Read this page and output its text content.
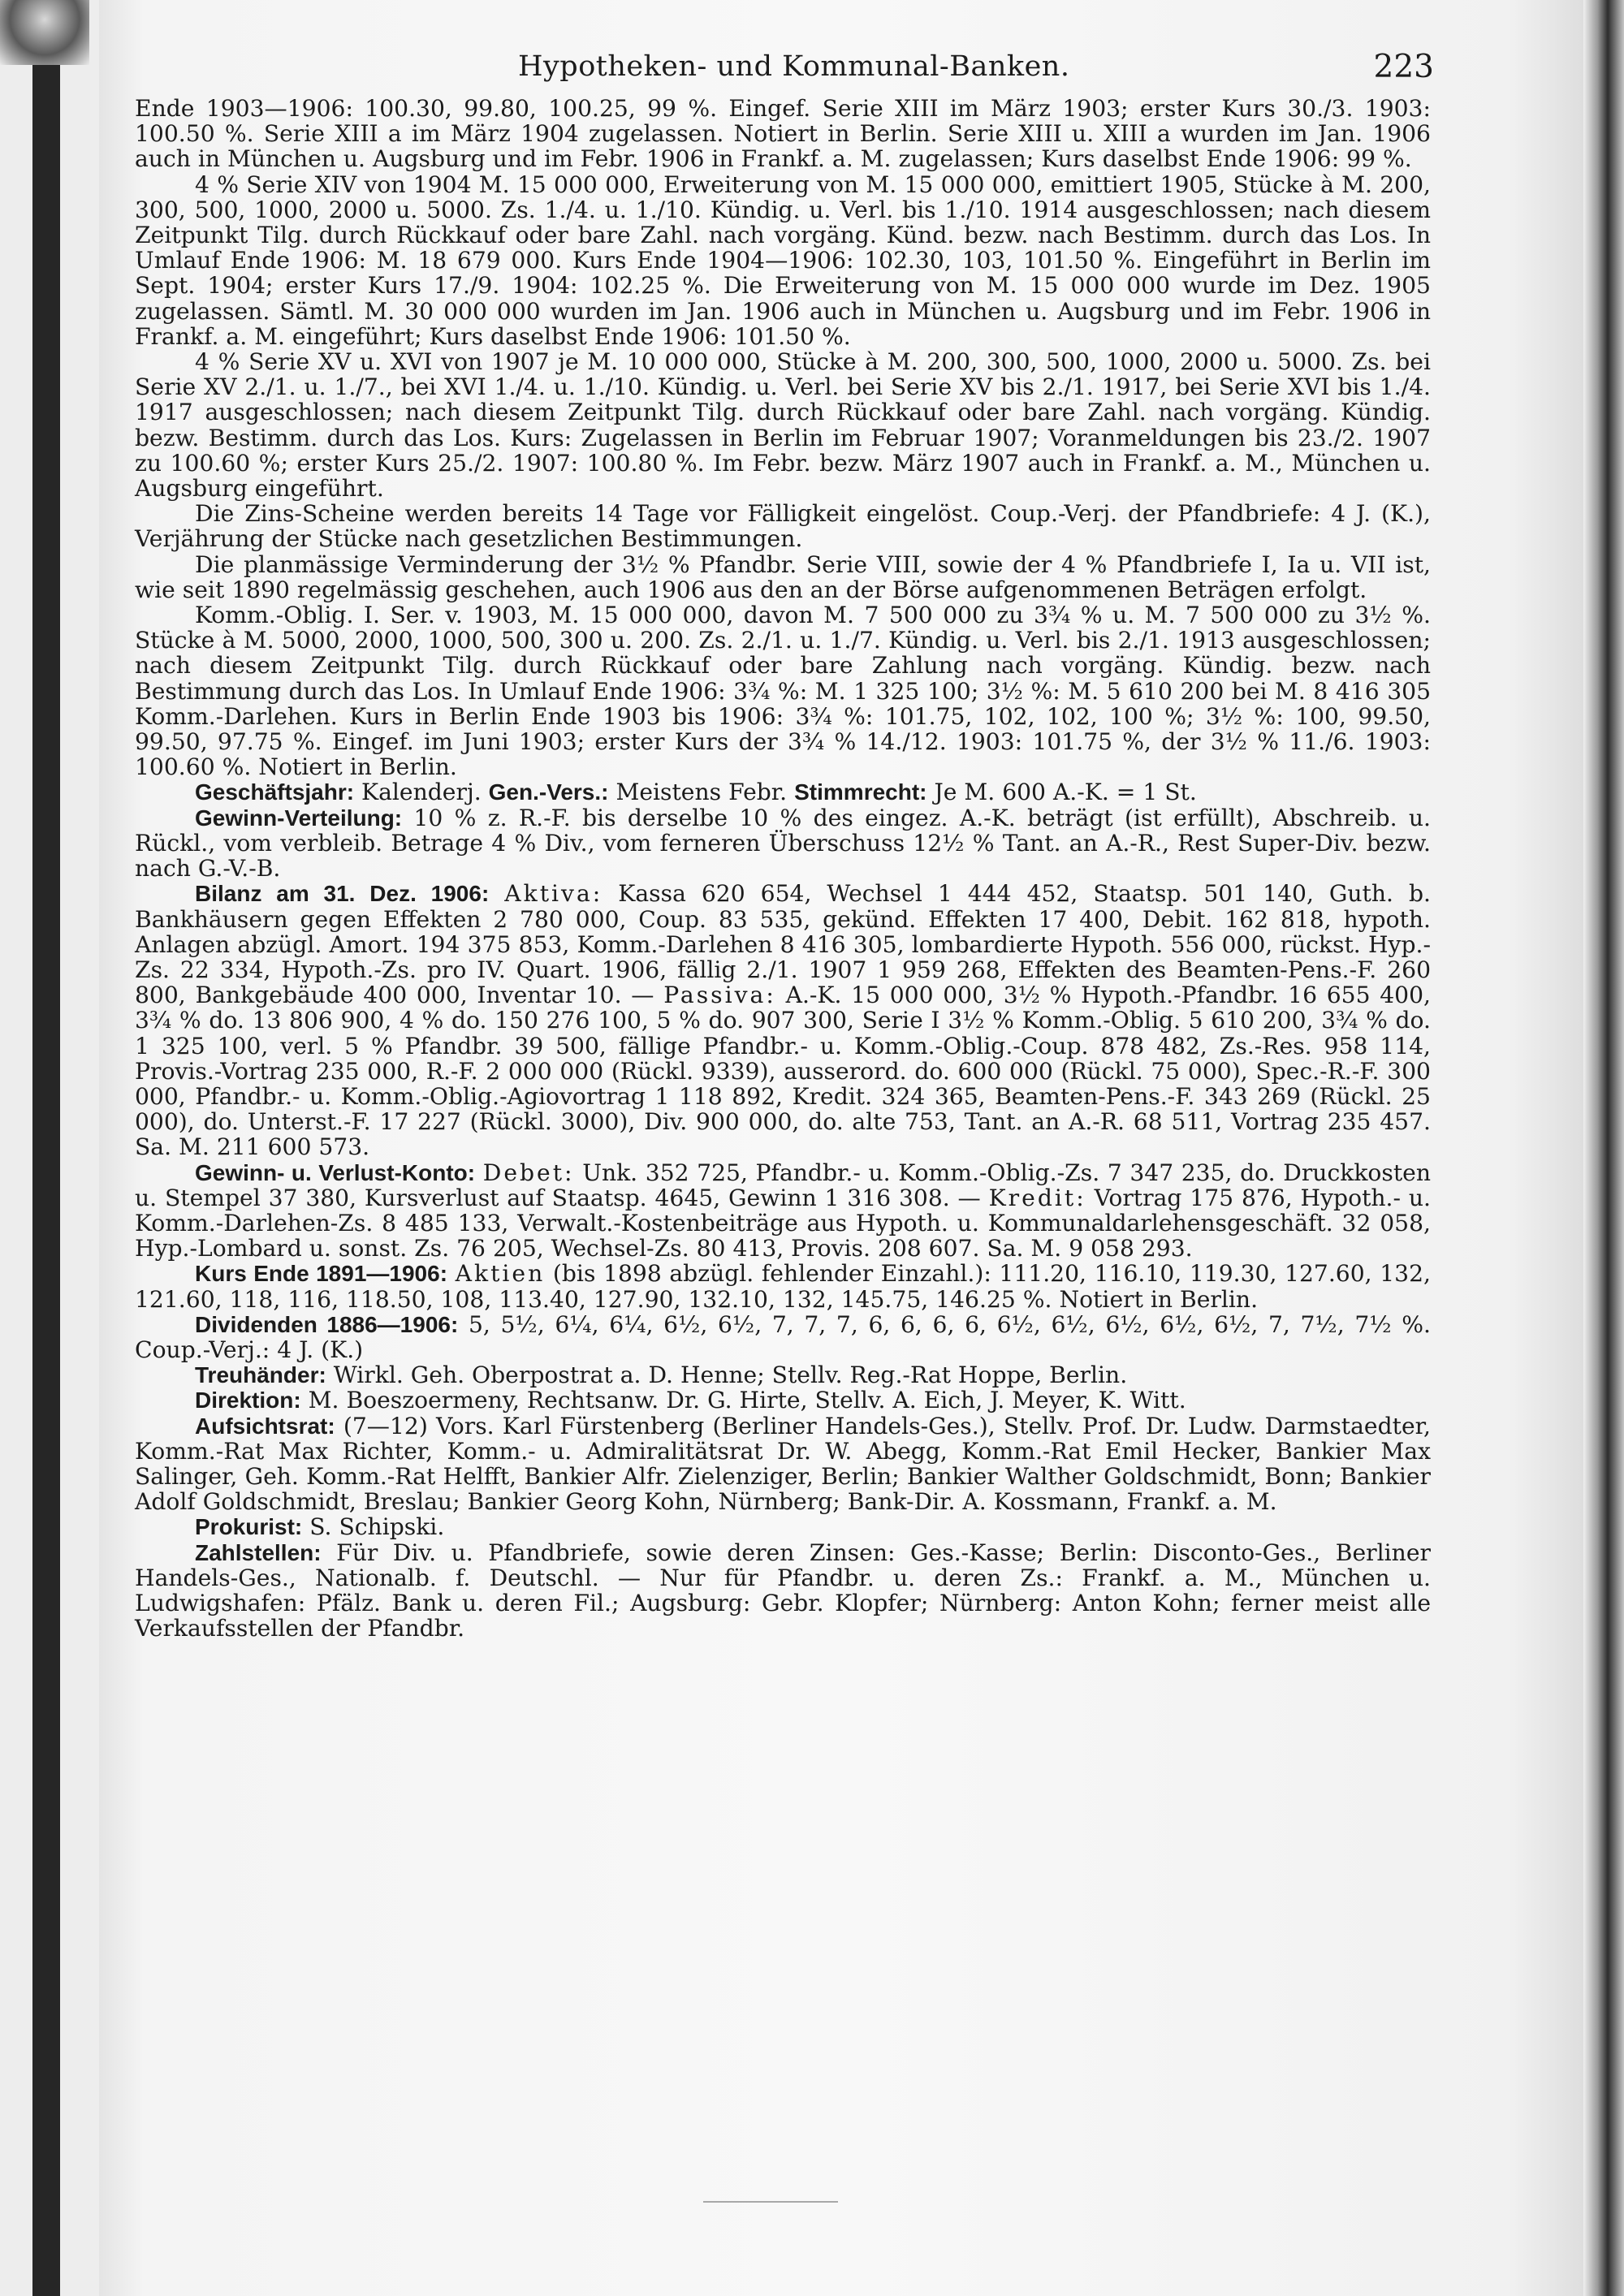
Hypotheken- und Kommunal-Banken.	223

Ende 1903—1906: 100.30, 99.80, 100.25, 99 %. Eingef. Serie XIII im März 1903; erster Kurs 30./3. 1903: 100.50 %. Serie XIII a im März 1904 zugelassen. Notiert in Berlin. Serie XIII u. XIII a wurden im Jan. 1906 auch in München u. Augsburg und im Febr. 1906 in Frankf. a. M. zugelassen; Kurs daselbst Ende 1906: 99 %.

4 % Serie XIV von 1904 M. 15 000 000, Erweiterung von M. 15 000 000, emittiert 1905, Stücke à M. 200, 300, 500, 1000, 2000 u. 5000. Zs. 1./4. u. 1./10. Kündig. u. Verl. bis 1./10. 1914 ausgeschlossen; nach diesem Zeitpunkt Tilg. durch Rückkauf oder bare Zahl. nach vorgäng. Künd. bezw. nach Bestimm. durch das Los. In Umlauf Ende 1906: M. 18 679 000. Kurs Ende 1904—1906: 102.30, 103, 101.50 %. Eingeführt in Berlin im Sept. 1904; erster Kurs 17./9. 1904: 102.25 %. Die Erweiterung von M. 15 000 000 wurde im Dez. 1905 zugelassen. Sämtl. M. 30 000 000 wurden im Jan. 1906 auch in München u. Augsburg und im Febr. 1906 in Frankf. a. M. eingeführt; Kurs daselbst Ende 1906: 101.50 %.

4 % Serie XV u. XVI von 1907 je M. 10 000 000, Stücke à M. 200, 300, 500, 1000, 2000 u. 5000. Zs. bei Serie XV 2./1. u. 1./7., bei XVI 1./4. u. 1./10. Kündig. u. Verl. bei Serie XV bis 2./1. 1917, bei Serie XVI bis 1./4. 1917 ausgeschlossen; nach diesem Zeitpunkt Tilg. durch Rückkauf oder bare Zahl. nach vorgäng. Kündig. bezw. Bestimm. durch das Los. Kurs: Zugelassen in Berlin im Februar 1907; Voranmeldungen bis 23./2. 1907 zu 100.60 %; erster Kurs 25./2. 1907: 100.80 %. Im Febr. bezw. März 1907 auch in Frankf. a. M., München u. Augsburg eingeführt.

Die Zins-Scheine werden bereits 14 Tage vor Fälligkeit eingelöst. Coup.-Verj. der Pfandbriefe: 4 J. (K.), Verjährung der Stücke nach gesetzlichen Bestimmungen.

Die planmässige Verminderung der 3½ % Pfandbr. Serie VIII, sowie der 4 % Pfandbriefe I, Ia u. VII ist, wie seit 1890 regelmässig geschehen, auch 1906 aus den an der Börse aufgenommenen Beträgen erfolgt.

Komm.-Oblig. I. Ser. v. 1903, M. 15 000 000, davon M. 7 500 000 zu 3¾ % u. M. 7 500 000 zu 3½ %. Stücke à M. 5000, 2000, 1000, 500, 300 u. 200. Zs. 2./1. u. 1./7. Kündig. u. Verl. bis 2./1. 1913 ausgeschlossen; nach diesem Zeitpunkt Tilg. durch Rückkauf oder bare Zahlung nach vorgäng. Kündig. bezw. nach Bestimmung durch das Los. In Umlauf Ende 1906: 3¾ %: M. 1 325 100; 3½ %: M. 5 610 200 bei M. 8 416 305 Komm.-Darlehen. Kurs in Berlin Ende 1903 bis 1906: 3¾ %: 101.75, 102, 102, 100 %; 3½ %: 100, 99.50, 99.50, 97.75 %. Eingef. im Juni 1903; erster Kurs der 3¾ % 14./12. 1903: 101.75 %, der 3½ % 11./6. 1903: 100.60 %. Notiert in Berlin.

Geschäftsjahr: Kalenderj. Gen.-Vers.: Meistens Febr. Stimmrecht: Je M. 600 A.-K. = 1 St.

Gewinn-Verteilung: 10 % z. R.-F. bis derselbe 10 % des eingez. A.-K. beträgt (ist erfüllt), Abschreib. u. Rückl., vom verbleib. Betrage 4 % Div., vom ferneren Überschuss 12½ % Tant. an A.-R., Rest Super-Div. bezw. nach G.-V.-B.

Bilanz am 31. Dez. 1906: Aktiva: Kassa 620 654, Wechsel 1 444 452, Staatsp. 501 140, Guth. b. Bankhäusern gegen Effekten 2 780 000, Coup. 83 535, gekünd. Effekten 17 400, Debit. 162 818, hypoth. Anlagen abzügl. Amort. 194 375 853, Komm.-Darlehen 8 416 305, lombardierte Hypoth. 556 000, rückst. Hyp.-Zs. 22 334, Hypoth.-Zs. pro IV. Quart. 1906, fällig 2./1. 1907 1 959 268, Effekten des Beamten-Pens.-F. 260 800, Bankgebäude 400 000, Inventar 10. — Passiva: A.-K. 15 000 000, 3½ % Hypoth.-Pfandbr. 16 655 400, 3¾ % do. 13 806 900, 4 % do. 150 276 100, 5 % do. 907 300, Serie I 3½ % Komm.-Oblig. 5 610 200, 3¾ % do. 1 325 100, verl. 5 % Pfandbr. 39 500, fällige Pfandbr.- u. Komm.-Oblig.-Coup. 878 482, Zs.-Res. 958 114, Provis.-Vortrag 235 000, R.-F. 2 000 000 (Rückl. 9339), ausserord. do. 600 000 (Rückl. 75 000), Spec.-R.-F. 300 000, Pfandbr.- u. Komm.-Oblig.-Agiovortrag 1 118 892, Kredit. 324 365, Beamten-Pens.-F. 343 269 (Rückl. 25 000), do. Unterst.-F. 17 227 (Rückl. 3000), Div. 900 000, do. alte 753, Tant. an A.-R. 68 511, Vortrag 235 457. Sa. M. 211 600 573.

Gewinn- u. Verlust-Konto: Debet: Unk. 352 725, Pfandbr.- u. Komm.-Oblig.-Zs. 7 347 235, do. Druckkosten u. Stempel 37 380, Kursverlust auf Staatsp. 4645, Gewinn 1 316 308. — Kredit: Vortrag 175 876, Hypoth.- u. Komm.-Darlehen-Zs. 8 485 133, Verwalt.-Kostenbeiträge aus Hypoth. u. Kommunaldarlehensgeschäft. 32 058, Hyp.-Lombard u. sonst. Zs. 76 205, Wechsel-Zs. 80 413, Provis. 208 607. Sa. M. 9 058 293.

Kurs Ende 1891—1906: Aktien (bis 1898 abzügl. fehlender Einzahl.): 111.20, 116.10, 119.30, 127.60, 132, 121.60, 118, 116, 118.50, 108, 113.40, 127.90, 132.10, 132, 145.75, 146.25 %. Notiert in Berlin.

Dividenden 1886—1906: 5, 5½, 6¼, 6¼, 6½, 6½, 7, 7, 7, 6, 6, 6, 6, 6½, 6½, 6½, 6½, 6½, 7, 7½, 7½ %. Coup.-Verj.: 4 J. (K.)

Treuhänder: Wirkl. Geh. Oberpostrat a. D. Henne; Stellv. Reg.-Rat Hoppe, Berlin.

Direktion: M. Boeszoermeny, Rechtsanw. Dr. G. Hirte, Stellv. A. Eich, J. Meyer, K. Witt.

Aufsichtsrat: (7—12) Vors. Karl Fürstenberg (Berliner Handels-Ges.), Stellv. Prof. Dr. Ludw. Darmstaedter, Komm.-Rat Max Richter, Komm.- u. Admiralitätsrat Dr. W. Abegg, Komm.-Rat Emil Hecker, Bankier Max Salinger, Geh. Komm.-Rat Helfft, Bankier Alfr. Zielenziger, Berlin; Bankier Walther Goldschmidt, Bonn; Bankier Adolf Goldschmidt, Breslau; Bankier Georg Kohn, Nürnberg; Bank-Dir. A. Kossmann, Frankf. a. M.

Prokurist: S. Schipski.

Zahlstellen: Für Div. u. Pfandbriefe, sowie deren Zinsen: Ges.-Kasse; Berlin: Disconto-Ges., Berliner Handels-Ges., Nationalb. f. Deutschl. — Nur für Pfandbr. u. deren Zs.: Frankf. a. M., München u. Ludwigshafen: Pfälz. Bank u. deren Fil.; Augsburg: Gebr. Klopfer; Nürnberg: Anton Kohn; ferner meist alle Verkaufsstellen der Pfandbr.
